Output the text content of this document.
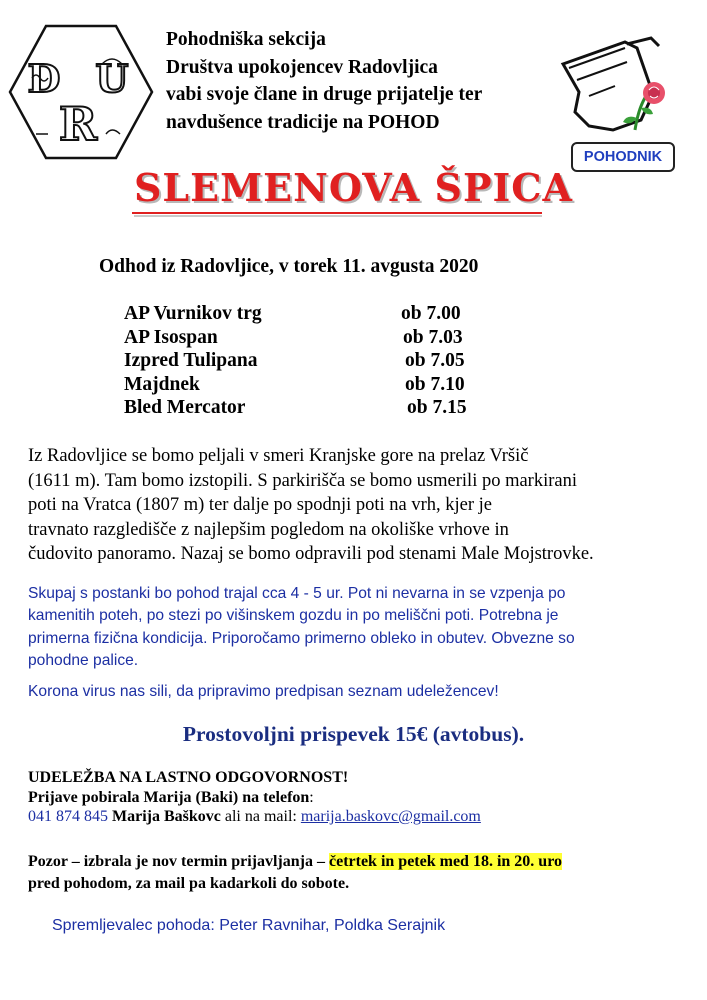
D U
R
Pohodniška sekcija
Društva upokojencev Radovljica
vabi svoje člane in druge prijatelje ter
navdušence tradicije na POHOD
POHODNIK
SLEMENOVA ŠPICA
Odhod iz Radovljice, v torek 11. avgusta 2020
AP Vurnikov trg	ob 7.00
AP Isospan	ob 7.03
Izpred Tulipana	ob 7.05
Majdnek	ob 7.10
Bled Mercator	ob 7.15
Iz Radovljice se bomo peljali v smeri Kranjske gore na prelaz Vršič
(1611 m). Tam bomo izstopili. S parkirišča se bomo usmerili po markirani
poti na Vratca (1807 m) ter dalje po spodnji poti na vrh, kjer je
travnato razgledišče z najlepšim pogledom na okoliške vrhove in
čudovito panoramo. Nazaj se bomo odpravili pod stenami Male Mojstrovke.
Skupaj s postanki bo pohod trajal cca 4 - 5 ur. Pot ni nevarna in se vzpenja po
kamenitih poteh, po stezi po višinskem gozdu in po meliščni poti. Potrebna je
primerna fizična kondicija. Priporočamo primerno obleko in obutev. Obvezne so
pohodne palice.
Korona virus nas sili, da pripravimo predpisan seznam udeležencev!
Prostovoljni prispevek 15€ (avtobus).
UDELEŽBA NA LASTNO ODGOVORNOST!
Prijave pobirala Marija (Baki) na telefon:
041 874 845 Marija Baškovc ali na mail: marija.baskovc@gmail.com
Pozor – izbrala je nov termin prijavljanja – četrtek in petek med 18. in 20. uro
pred pohodom, za mail pa kadarkoli do sobote.
Spremljevalec pohoda: Peter Ravnihar, Poldka Serajnik
